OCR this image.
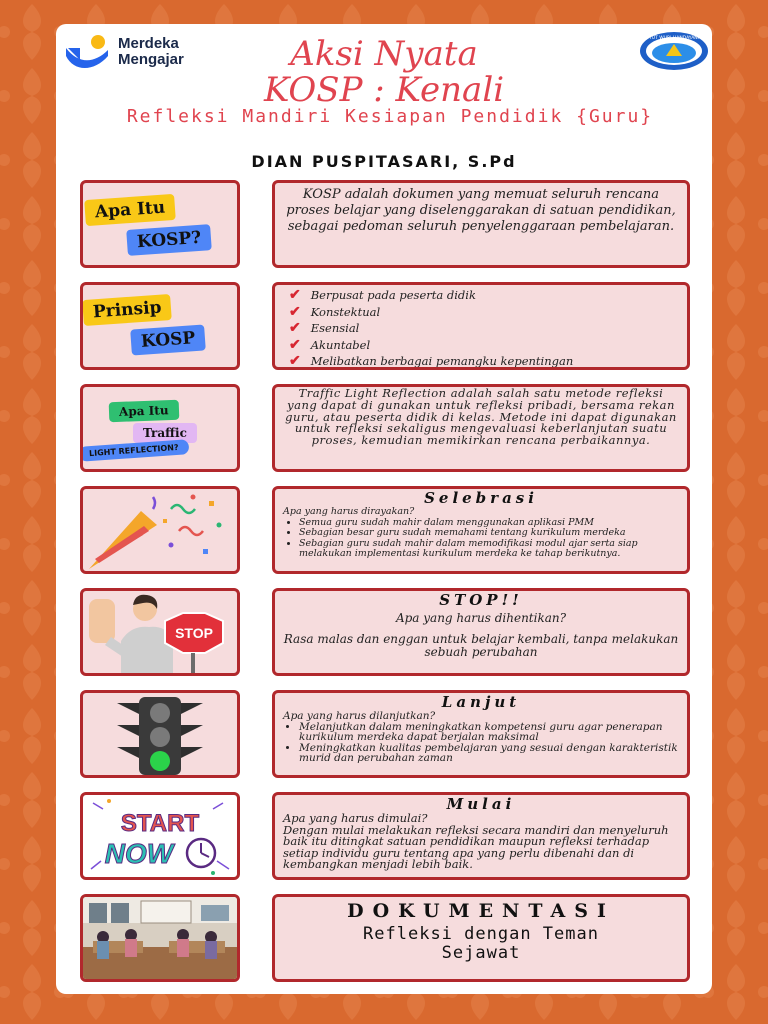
Merdeka
Mengajar
TUT WURI HANDAYANI
Aksi Nyata
KOSP : Kenali
Refleksi Mandiri Kesiapan Pendidik {Guru}
DIAN PUSPITASARI, S.Pd
Apa Itu
KOSP?
KOSP adalah dokumen yang memuat seluruh rencana proses belajar yang diselenggarakan di satuan pendidikan, sebagai pedoman seluruh penyelenggaraan pembelajaran.
Prinsip
KOSP
✔ Berpusat pada peserta didik
✔ Konstektual
✔ Esensial
✔ Akuntabel
✔ Melibatkan berbagai pemangku kepentingan
Apa Itu
Traffic
LIGHT REFLECTION?
Traffic Light Reflection adalah salah satu metode refleksi yang dapat di gunakan untuk refleksi pribadi, bersama rekan guru, atau peserta didik di kelas. Metode ini dapat digunakan untuk refleksi sekaligus mengevaluasi keberlanjutan suatu proses, kemudian memikirkan rencana perbaikannya.
Selebrasi
Apa yang harus dirayakan?
• Semua guru sudah mahir dalam menggunakan aplikasi PMM
• Sebagian besar guru sudah memahami tentang kurikulum merdeka
• Sebagian guru sudah mahir dalam memodifikasi modul ajar serta siap melakukan implementasi kurikulum merdeka ke tahap berikutnya.
STOP
STOP!!
Apa yang harus dihentikan?
Rasa malas dan enggan untuk belajar kembali, tanpa melakukan sebuah perubahan
Lanjut
Apa yang harus dilanjutkan?
• Melanjutkan dalam meningkatkan kompetensi guru agar penerapan kurikulum merdeka dapat berjalan maksimal
• Meningkatkan kualitas pembelajaran yang sesuai dengan karakteristik murid dan perubahan zaman
START
NOW
Mulai
Apa yang harus dimulai?
Dengan mulai melakukan refleksi secara mandiri dan menyeluruh baik itu ditingkat satuan pendidikan maupun refleksi terhadap setiap individu guru tentang apa yang perlu dibenahi dan di kembangkan menjadi lebih baik.
DOKUMENTASI
Refleksi dengan Teman Sejawat
